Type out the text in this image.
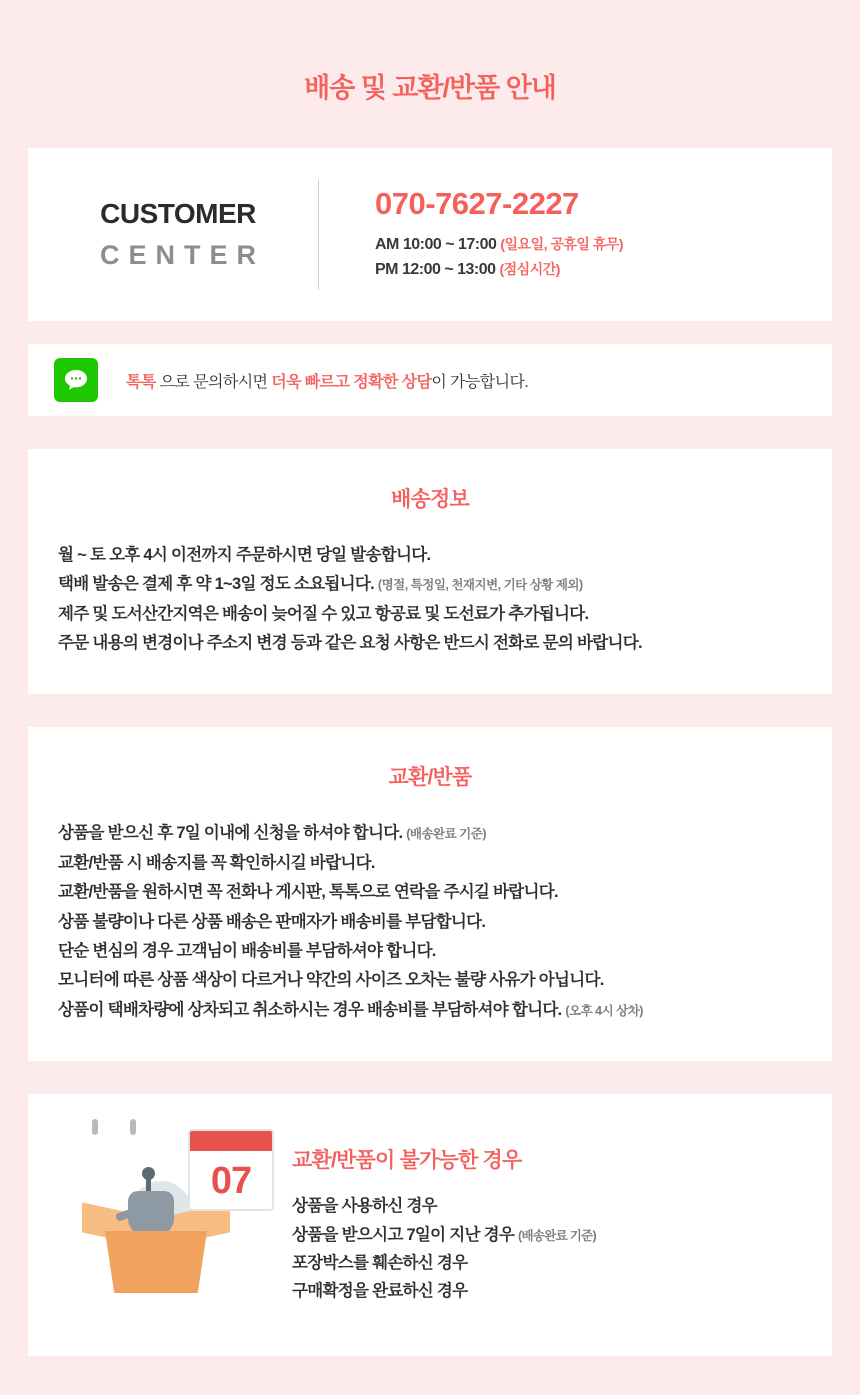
배송 및 교환/반품 안내
CUSTOMER
CENTER
070-7627-2227
AM 10:00 ~ 17:00 (일요일, 공휴일 휴무)
PM 12:00 ~ 13:00 (점심시간)
톡톡 으로 문의하시면 더욱 빠르고 정확한 상담이 가능합니다.
배송정보
월 ~ 토 오후 4시 이전까지 주문하시면 당일 발송합니다.
택배 발송은 결제 후 약 1~3일 정도 소요됩니다. (명절, 특정일, 천재지변, 기타 상황 제외)
제주 및 도서산간지역은 배송이 늦어질 수 있고 항공료 및 도선료가 추가됩니다.
주문 내용의 변경이나 주소지 변경 등과 같은 요청 사항은 반드시 전화로 문의 바랍니다.
교환/반품
상품을 받으신 후 7일 이내에 신청을 하셔야 합니다. (배송완료 기준)
교환/반품 시 배송지를 꼭 확인하시길 바랍니다.
교환/반품을 원하시면 꼭 전화나 게시판, 톡톡으로 연락을 주시길 바랍니다.
상품 불량이나 다른 상품 배송은 판매자가 배송비를 부담합니다.
단순 변심의 경우 고객님이 배송비를 부담하셔야 합니다.
모니터에 따른 상품 색상이 다르거나 약간의 사이즈 오차는 불량 사유가 아닙니다.
상품이 택배차량에 상차되고 취소하시는 경우 배송비를 부담하셔야 합니다. (오후 4시 상차)
07	교환/반품이 불가능한 경우
상품을 사용하신 경우
상품을 받으시고 7일이 지난 경우 (배송완료 기준)
포장박스를 훼손하신 경우
구매확정을 완료하신 경우
